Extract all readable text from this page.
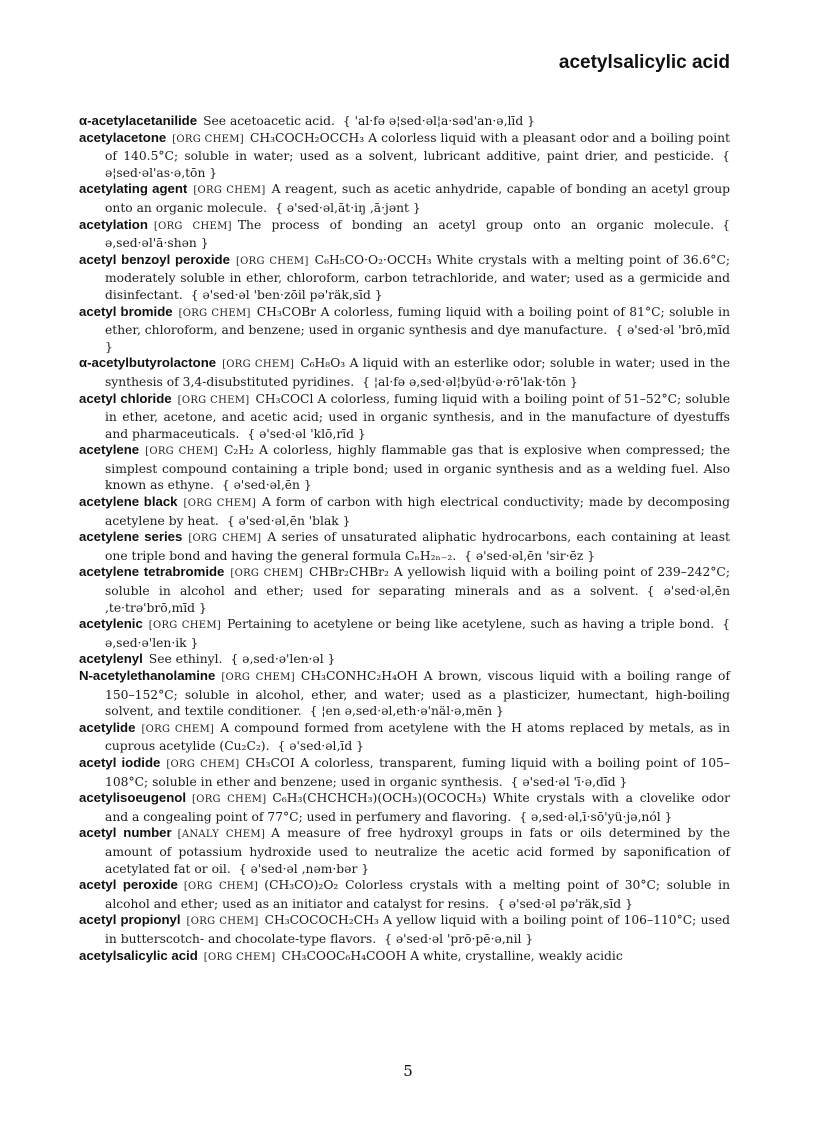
acetylsalicylic acid

α-acetylacetanilide See acetoacetic acid. { 'al·fə ə¦sed·əl¦a·səd'an·ə‚līd }

acetylacetone [ORG CHEM] CH₃COCH₂OCCH₃ A colorless liquid with a pleasant odor and a boiling point of 140.5°C; soluble in water; used as a solvent, lubricant additive, paint drier, and pesticide. { ə¦sed·əl'as·ə‚tōn }

acetylating agent [ORG CHEM] A reagent, such as acetic anhydride, capable of bonding an acetyl group onto an organic molecule. { ə'sed·əl‚āt·iŋ ‚ā·jənt }

acetylation [ORG CHEM] The process of bonding an acetyl group onto an organic molecule. { ə‚sed·əl'ā·shən }

acetyl benzoyl peroxide [ORG CHEM] C₆H₅CO·O₂·OCCH₃ White crystals with a melting point of 36.6°C; moderately soluble in ether, chloroform, carbon tetrachloride, and water; used as a germicide and disinfectant. { ə'sed·əl 'ben·zōil pə'räk‚sīd }

acetyl bromide [ORG CHEM] CH₃COBr A colorless, fuming liquid with a boiling point of 81°C; soluble in ether, chloroform, and benzene; used in organic synthesis and dye manufacture. { ə'sed·əl 'brō‚mīd }

α-acetylbutyrolactone [ORG CHEM] C₆H₈O₃ A liquid with an esterlike odor; soluble in water; used in the synthesis of 3,4-disubstituted pyridines. { ¦al·fə ə‚sed·əl¦byüd·ə·rō'lak·tōn }

acetyl chloride [ORG CHEM] CH₃COCl A colorless, fuming liquid with a boiling point of 51–52°C; soluble in ether, acetone, and acetic acid; used in organic synthesis, and in the manufacture of dyestuffs and pharmaceuticals. { ə'sed·əl 'klō‚rīd }

acetylene [ORG CHEM] C₂H₂ A colorless, highly flammable gas that is explosive when compressed; the simplest compound containing a triple bond; used in organic synthesis and as a welding fuel. Also known as ethyne. { ə'sed·əl‚ēn }

acetylene black [ORG CHEM] A form of carbon with high electrical conductivity; made by decomposing acetylene by heat. { ə'sed·əl‚ēn 'blak }

acetylene series [ORG CHEM] A series of unsaturated aliphatic hydrocarbons, each containing at least one triple bond and having the general formula CₙH₂ₙ₋₂. { ə'sed·əl‚ēn 'sir·ēz }

acetylene tetrabromide [ORG CHEM] CHBr₂CHBr₂ A yellowish liquid with a boiling point of 239–242°C; soluble in alcohol and ether; used for separating minerals and as a solvent. { ə'sed·əl‚ēn ‚te·trə'brō‚mīd }

acetylenic [ORG CHEM] Pertaining to acetylene or being like acetylene, such as having a triple bond. { ə‚sed·ə'len·ik }

acetylenyl See ethinyl. { ə‚sed·ə'len·əl }

N-acetylethanolamine [ORG CHEM] CH₃CONHC₂H₄OH A brown, viscous liquid with a boiling range of 150–152°C; soluble in alcohol, ether, and water; used as a plasticizer, humectant, high-boiling solvent, and textile conditioner. { ¦en ə‚sed·əl‚eth·ə'näl·ə‚mēn }

acetylide [ORG CHEM] A compound formed from acetylene with the H atoms replaced by metals, as in cuprous acetylide (Cu₂C₂). { ə'sed·əl‚īd }

acetyl iodide [ORG CHEM] CH₃COI A colorless, transparent, fuming liquid with a boiling point of 105–108°C; soluble in ether and benzene; used in organic synthesis. { ə'sed·əl 'ī·ə‚dīd }

acetylisoeugenol [ORG CHEM] C₆H₃(CHCHCH₃)(OCH₃)(OCOCH₃) White crystals with a clovelike odor and a congealing point of 77°C; used in perfumery and flavoring. { ə‚sed·əl‚ī·sō'yü·jə‚nól }

acetyl number [ANALY CHEM] A measure of free hydroxyl groups in fats or oils determined by the amount of potassium hydroxide used to neutralize the acetic acid formed by saponification of acetylated fat or oil. { ə'sed·əl ‚nəm·bər }

acetyl peroxide [ORG CHEM] (CH₃CO)₂O₂ Colorless crystals with a melting point of 30°C; soluble in alcohol and ether; used as an initiator and catalyst for resins. { ə'sed·əl pə'räk‚sīd }

acetyl propionyl [ORG CHEM] CH₃COCOCH₂CH₃ A yellow liquid with a boiling point of 106–110°C; used in butterscotch- and chocolate-type flavors. { ə'sed·əl 'prō·pē·ə‚nil }

acetylsalicylic acid [ORG CHEM] CH₃COOC₆H₄COOH A white, crystalline, weakly acidic

5
